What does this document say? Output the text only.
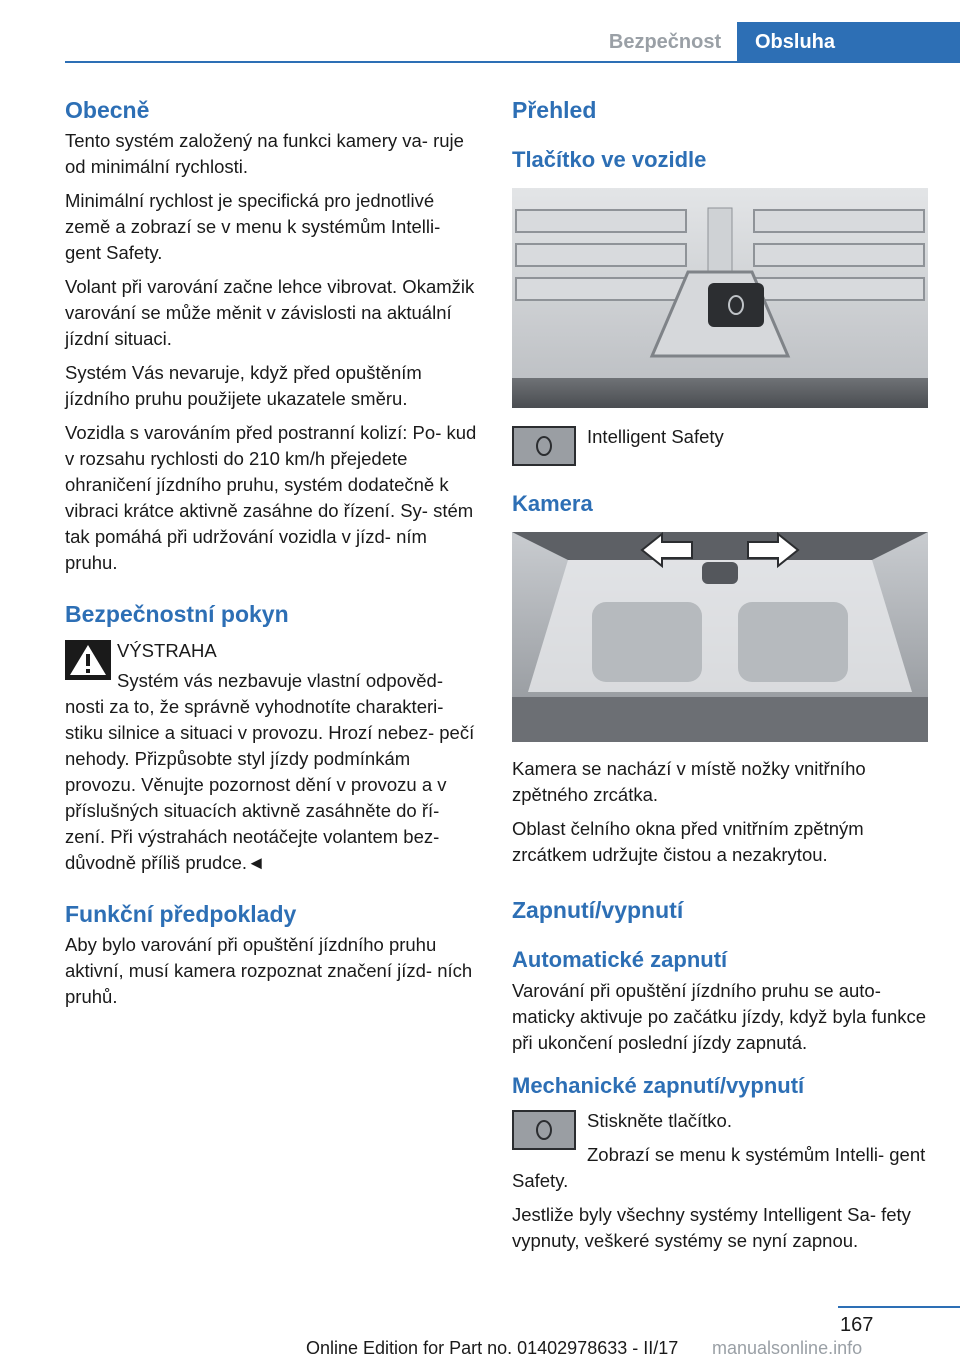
Bezpečnost	Obsluha
Obecně

Tento systém založený na funkci kamery va‐ ruje od minimální rychlosti.

Minimální rychlost je specifická pro jednotlivé země a zobrazí se v menu k systémům Intelli‐ gent Safety.

Volant při varování začne lehce vibrovat. Okamžik varování se může měnit v závislosti na aktuální jízdní situaci.

Systém Vás nevaruje, když před opuštěním jízdního pruhu použijete ukazatele směru.

Vozidla s varováním před postranní kolizí: Po‐ kud v rozsahu rychlosti do 210 km/h přejedete ohraničení jízdního pruhu, systém dodatečně k vibraci krátce aktivně zasáhne do řízení. Sy‐ stém tak pomáhá při udržování vozidla v jízd‐ ním pruhu.

Bezpečnostní pokyn
VÝSTRAHA

Systém vás nezbavuje vlastní odpověd‐ nosti za to, že správně vyhodnotíte charakteri‐ stiku silnice a situaci v provozu. Hrozí nebez‐ pečí nehody. Přizpůsobte styl jízdy podmínkám provozu. Věnujte pozornost dění v provozu a v příslušných situacích aktivně zasáhněte do ří‐ zení. Při výstrahách neotáčejte volantem bez‐ důvodně příliš prudce.◄

Funkční předpoklady

Aby bylo varování při opuštění jízdního pruhu aktivní, musí kamera rozpoznat značení jízd‐ ních pruhů.

Přehled
Tlačítko ve vozidle

Intelligent Safety

Kamera

Kamera se nachází v místě nožky vnitřního zpětného zrcátka.

Oblast čelního okna před vnitřním zpětným zrcátkem udržujte čistou a nezakrytou.

Zapnutí/vypnutí
Automatické zapnutí

Varování při opuštění jízdního pruhu se auto‐ maticky aktivuje po začátku jízdy, když byla funkce při ukončení poslední jízdy zapnutá.

Mechanické zapnutí/vypnutí

Stiskněte tlačítko.

Zobrazí se menu k systémům Intelli‐ gent Safety.

Jestliže byly všechny systémy Intelligent Sa‐ fety vypnuty, veškeré systémy se nyní zapnou.

167
Online Edition for Part no. 01402978633 - II/17 manualsonline.info
